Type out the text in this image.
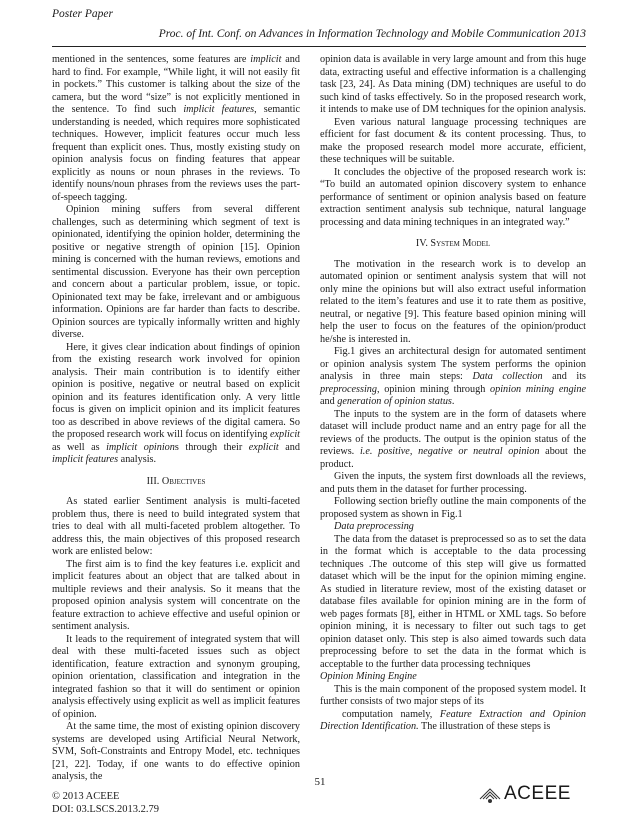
Poster Paper
Proc. of Int. Conf. on Advances in Information Technology and Mobile Communication 2013

mentioned in the sentences, some features are implicit and hard to find. For example, “While light, it will not easily fit in pockets.” This customer is talking about the size of the camera, but the word “size” is not explicitly mentioned in the sentence. To find such implicit features, semantic understanding is needed, which requires more sophisticated techniques. However, implicit features occur much less frequent than explicit ones. Thus, mostly existing study on opinion analysis focus on finding features that appear explicitly as nouns or noun phrases in the reviews. To identify nouns/noun phrases from the reviews uses the part-of-speech tagging.

Opinion mining suffers from several different challenges, such as determining which segment of text is opinionated, identifying the opinion holder, determining the positive or negative strength of opinion [15]. Opinion mining is concerned with the human reviews, emotions and sentimental discussion. Everyone has their own perception and concern about a particular problem, issue, or topic. Opinionated text may be fake, irrelevant and or ambiguous information. Opinions are far harder than facts to describe. Opinion sources are typically informally written and highly diverse.

Here, it gives clear indication about findings of opinion from the existing research work involved for opinion analysis. Their main contribution is to identify either opinion is positive, negative or neutral based on explicit opinion and its features identification only. A very little focus is given on implicit opinion and its implicit features too as described in above reviews of the digital camera. So the proposed research work will focus on identifying explicit as well as implicit opinions through their explicit and implicit features analysis.

III. Objectives

As stated earlier Sentiment analysis is multi-faceted problem thus, there is need to build integrated system that tries to deal with all multi-faceted problem altogether. To address this, the main objectives of this proposed research work are enlisted below:

The first aim is to find the key features i.e. explicit and implicit features about an object that are talked about in multiple reviews and their analysis. So it means that the proposed opinion analysis system will concentrate on the feature extraction to achieve effective and useful opinion or sentiment analysis.

It leads to the requirement of integrated system that will deal with these multi-faceted issues such as object identification, feature extraction and synonym grouping, opinion orientation, classification and integration in the integrated fashion so that it will do sentiment or opinion analysis effectively using explicit as well as implicit features of opinion.

At the same time, the most of existing opinion discovery systems are developed using Artificial Neural Network, SVM, Soft-Constraints and Entropy Model, etc. techniques [21, 22]. Today, if one wants to do effective opinion analysis, the

opinion data is available in very large amount and from this huge data, extracting useful and effective information is a challenging task [23, 24]. As Data mining (DM) techniques are useful to do such kind of tasks effectively. So in the proposed research work, it intends to make use of DM techniques for the opinion analysis.

Even various natural language processing techniques are efficient for fast document & its content processing. Thus, to make the proposed research model more accurate, efficient, these techniques will be suitable.

It concludes the objective of the proposed research work is: “To build an automated opinion discovery system to enhance performance of sentiment or opinion analysis based on feature extraction sentiment analysis sub technique, natural language processing and data mining techniques in an integrated way.”

IV. System Model

The motivation in the research work is to develop an automated opinion or sentiment analysis system that will not only mine the opinions but will also extract useful information related to the item’s features and use it to rate them as positive, neutral, or negative [9]. This feature based opinion mining will help the user to focus on the features of the opinion/product he/she is interested in.

Fig.1 gives an architectural design for automated sentiment or opinion analysis system The system performs the opinion analysis in three main steps: Data collection and its preprocessing, opinion mining through opinion mining engine and generation of opinion status.

The inputs to the system are in the form of datasets where dataset will include product name and an entry page for all the reviews of the products. The output is the opinion status of the reviews. i.e. positive, negative or neutral opinion about the product.

Given the inputs, the system first downloads all the reviews, and puts them in the dataset for further processing.

Following section briefly outline the main components of the proposed system as shown in Fig.1

Data preprocessing

The data from the dataset is preprocessed so as to set the data in the format which is acceptable to the data processing techniques .The outcome of this step will give us formatted dataset which will be the input for the opinion miming engine. As studied in literature review, most of the existing dataset or database files available for opinion mining are in the form of web pages formats [8], either in HTML or XML tags. So before opinion mining, it is necessary to filter out such tags to get opinion dataset only. This step is also aimed towards such data preprocessing before to set the data in the format which is acceptable to the further data processing techniques

Opinion Mining Engine

This is the main component of the proposed system model. It further consists of two major steps of its

computation namely, Feature Extraction and Opinion Direction Identification. The illustration of these steps is

51
© 2013 ACEEE
DOI: 03.LSCS.2013.2.79
ACEEE
